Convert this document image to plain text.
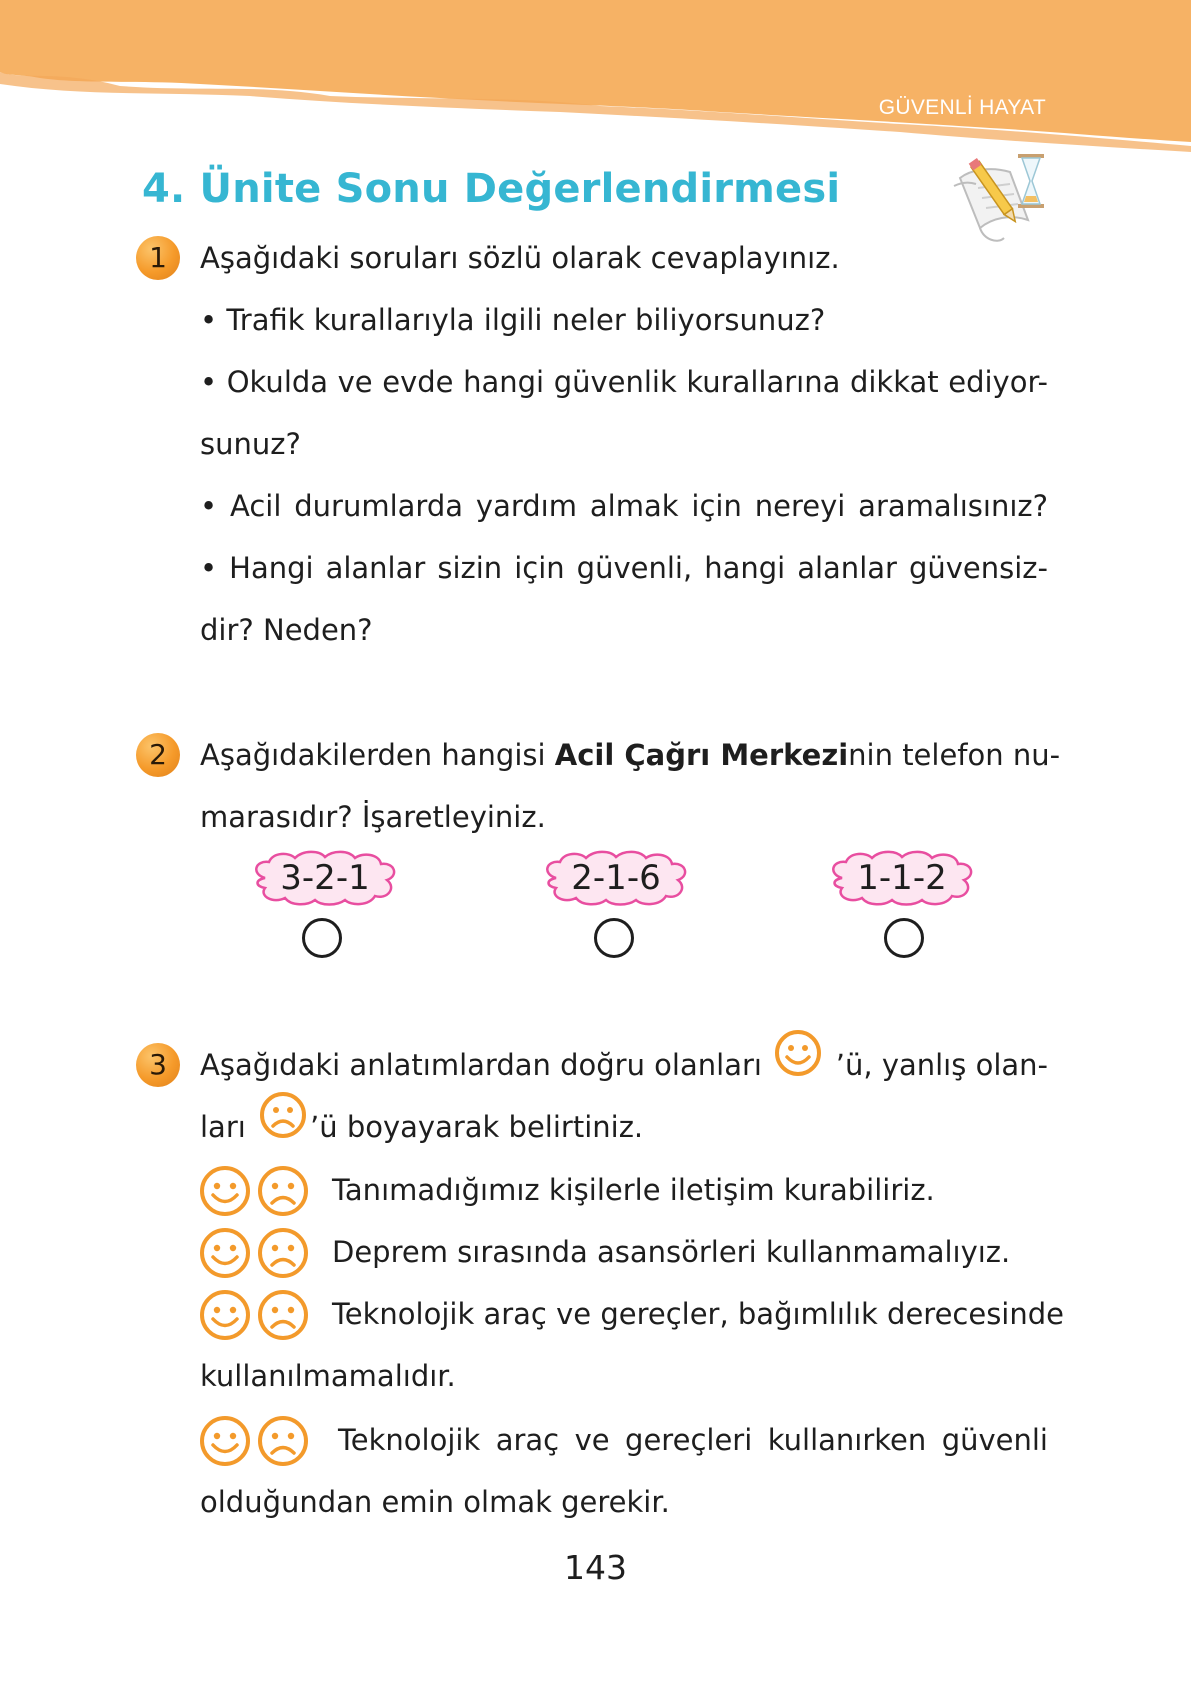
GÜVENLİ HAYAT
4. Ünite Sonu Değerlendirmesi
1	Aşağıdaki soruları sözlü olarak cevaplayınız.
• Trafik kurallarıyla ilgili neler biliyorsunuz?
• Okulda ve evde hangi güvenlik kurallarına dikkat ediyor-
sunuz?
• Acil durumlarda yardım almak için nereyi aramalısınız?
• Hangi alanlar sizin için güvenli, hangi alanlar güvensiz-
dir? Neden?
2	Aşağıdakilerden hangisi Acil Çağrı Merkezinin telefon nu-
marasıdır? İşaretleyiniz.
3-2-1	2-1-6	1-1-2
3	Aşağıdaki anlatımlardan doğru olanları	’ü, yanlış olan-
ları ’ü boyayarak belirtiniz.
Tanımadığımız kişilerle iletişim kurabiliriz.
Deprem sırasında asansörleri kullanmamalıyız.
Teknolojik araç ve gereçler, bağımlılık derecesinde
kullanılmamalıdır.
Teknolojik araç ve gereçleri kullanırken güvenli
olduğundan emin olmak gerekir.
143
